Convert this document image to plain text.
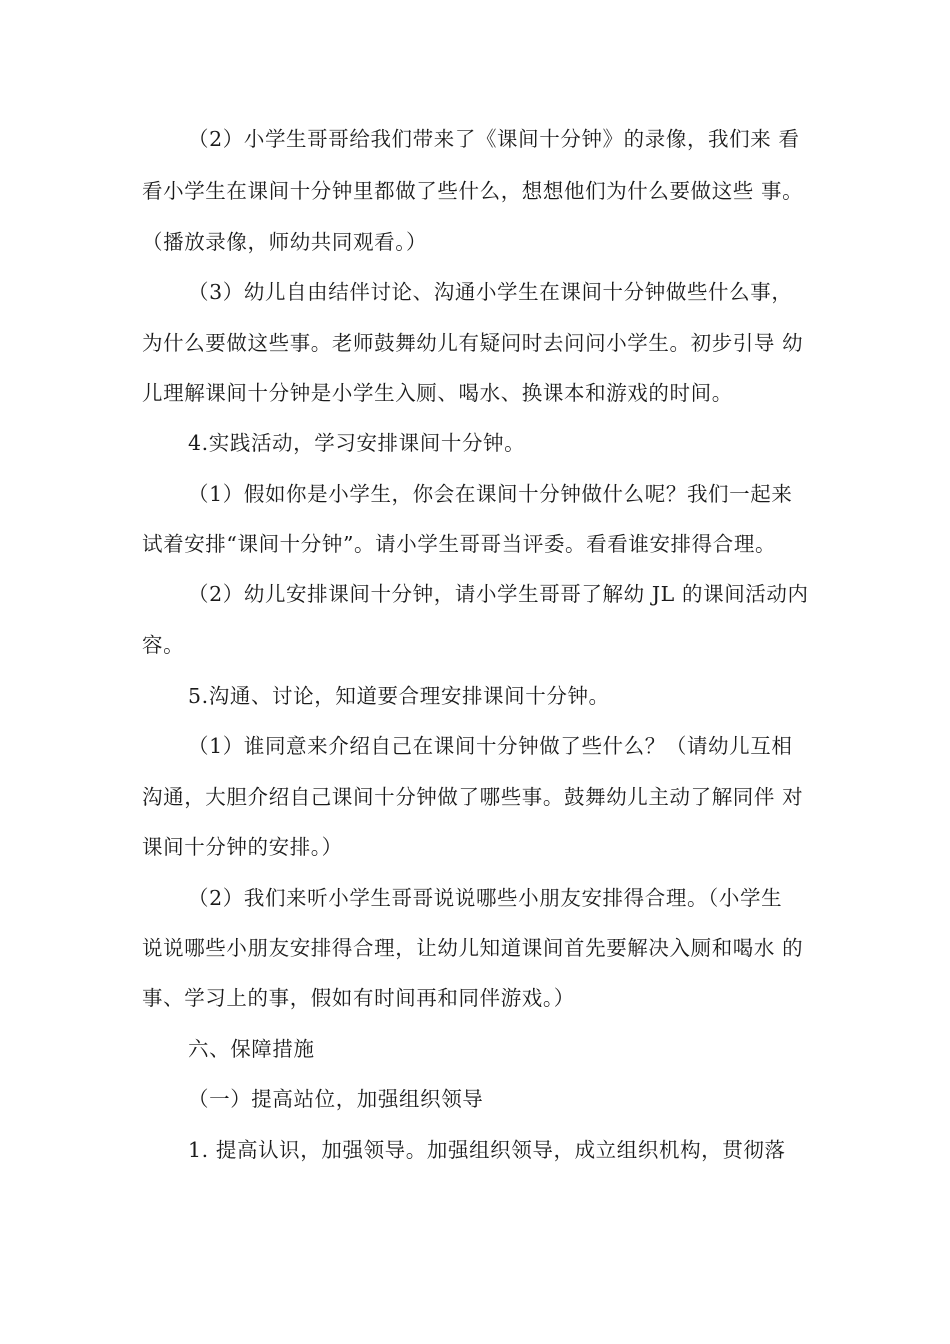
（2）小学生哥哥给我们带来了《课间十分钟》的录像，我们来 看
看小学生在课间十分钟里都做了些什么，想想他们为什么要做这些 事。
（播放录像，师幼共同观看。）
（3）幼儿自由结伴讨论、沟通小学生在课间十分钟做些什么事，
为什么要做这些事。老师鼓舞幼儿有疑问时去问问小学生。初步引导 幼
儿理解课间十分钟是小学生入厕、喝水、换课本和游戏的时间。
4.实践活动，学习安排课间十分钟。
（1）假如你是小学生，你会在课间十分钟做什么呢？我们一起来
试着安排“课间十分钟”。请小学生哥哥当评委。看看谁安排得合理。
（2）幼儿安排课间十分钟，请小学生哥哥了解幼 JL 的课间活动内
容。
5.沟通、讨论，知道要合理安排课间十分钟。
（1）谁同意来介绍自己在课间十分钟做了些什么？（请幼儿互相
沟通，大胆介绍自己课间十分钟做了哪些事。鼓舞幼儿主动了解同伴 对
课间十分钟的安排。）
（2）我们来听小学生哥哥说说哪些小朋友安排得合理。（小学生
说说哪些小朋友安排得合理，让幼儿知道课间首先要解决入厕和喝水 的
事、学习上的事，假如有时间再和同伴游戏。）
六、保障措施
（一）提高站位，加强组织领导
1. 提高认识，加强领导。加强组织领导，成立组织机构，贯彻落
